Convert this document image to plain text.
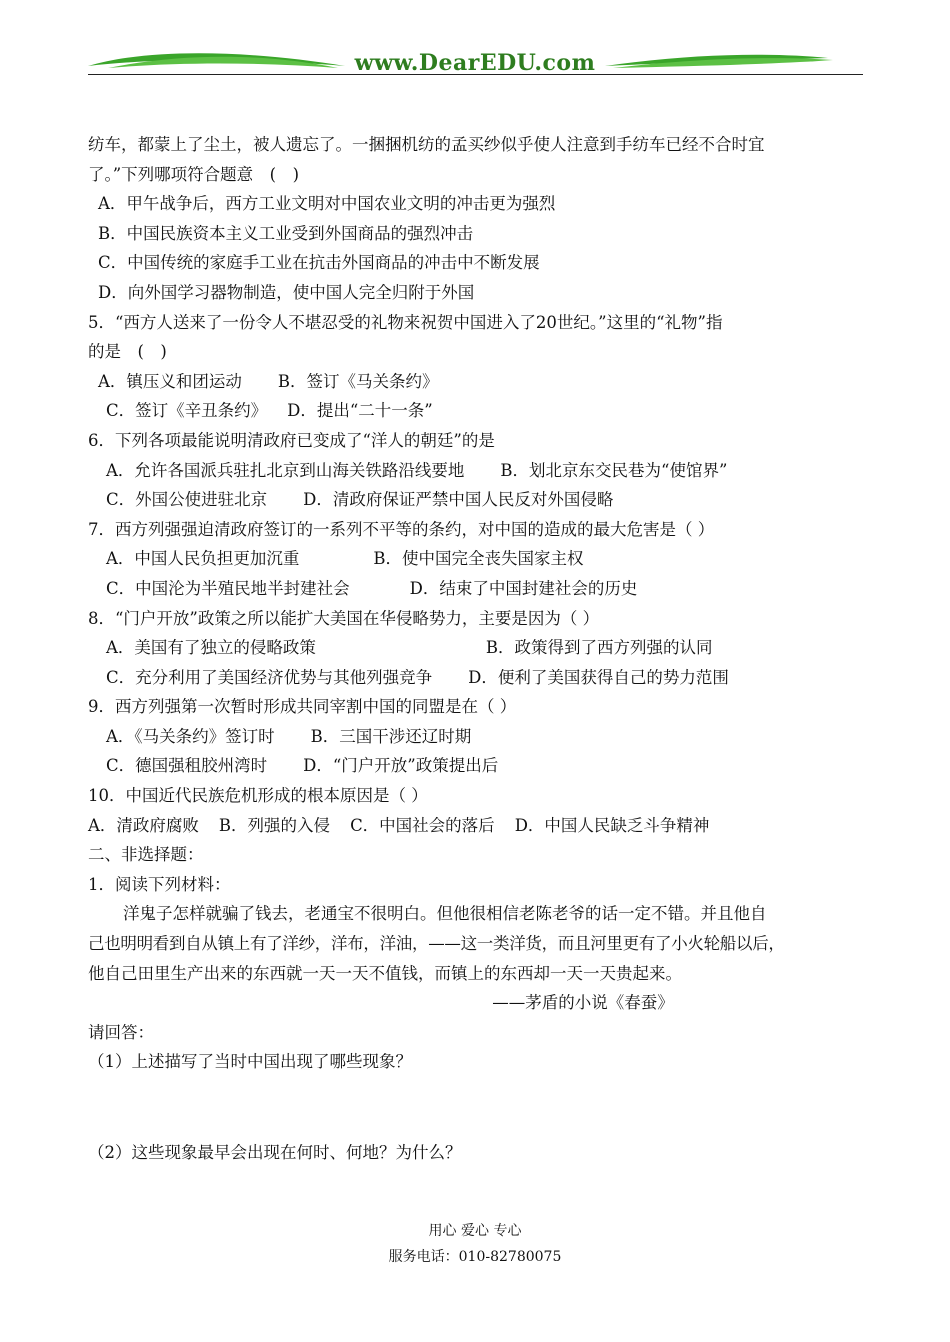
www.DearEDU.com
纺车，都蒙上了尘土，被人遗忘了。一捆捆机纺的孟买纱似乎使人注意到手纺车已经不合时宜
了。”下列哪项符合题意　(　)
A．甲午战争后，西方工业文明对中国农业文明的冲击更为强烈
B．中国民族资本主义工业受到外国商品的强烈冲击
C．中国传统的家庭手工业在抗击外国商品的冲击中不断发展
D．向外国学习器物制造，使中国人完全归附于外国
5．“西方人送来了一份令人不堪忍受的礼物来祝贺中国进入了20世纪。”这里的“礼物”指
的是　(　)
A．镇压义和团运动 B．签订《马关条约》
C．签订《辛丑条约》 D．提出“二十一条”
6．下列各项最能说明清政府已变成了“洋人的朝廷”的是
A．允许各国派兵驻扎北京到山海关铁路沿线要地 B．划北京东交民巷为“使馆界”
C．外国公使进驻北京 D．清政府保证严禁中国人民反对外国侵略
7．西方列强强迫清政府签订的一系列不平等的条约，对中国的造成的最大危害是（ ）
A．中国人民负担更加沉重	B．使中国完全丧失国家主权
C．中国沦为半殖民地半封建社会	D．结束了中国封建社会的历史
8．“门户开放”政策之所以能扩大美国在华侵略势力，主要是因为（ ）
A．美国有了独立的侵略政策	B．政策得到了西方列强的认同
C．充分利用了美国经济优势与其他列强竞争 D．便利了美国获得自己的势力范围
9．西方列强第一次暂时形成共同宰割中国的同盟是在（ ）
A．《马关条约》签订时 B．三国干涉还辽时期
C．德国强租胶州湾时 D．“门户开放”政策提出后
10．中国近代民族危机形成的根本原因是（ ）
A．清政府腐败 B．列强的入侵 C．中国社会的落后 D．中国人民缺乏斗争精神
二、非选择题：
1．阅读下列材料：
洋鬼子怎样就骗了钱去，老通宝不很明白。但他很相信老陈老爷的话一定不错。并且他自
己也明明看到自从镇上有了洋纱，洋布，洋油，——这一类洋货，而且河里更有了小火轮船以后，
他自己田里生产出来的东西就一天一天不值钱，而镇上的东西却一天一天贵起来。
——茅盾的小说《春蚕》
请回答：
（1）上述描写了当时中国出现了哪些现象？
（2）这些现象最早会出现在何时、何地？为什么？
用心 爱心 专心
服务电话：010-82780075
